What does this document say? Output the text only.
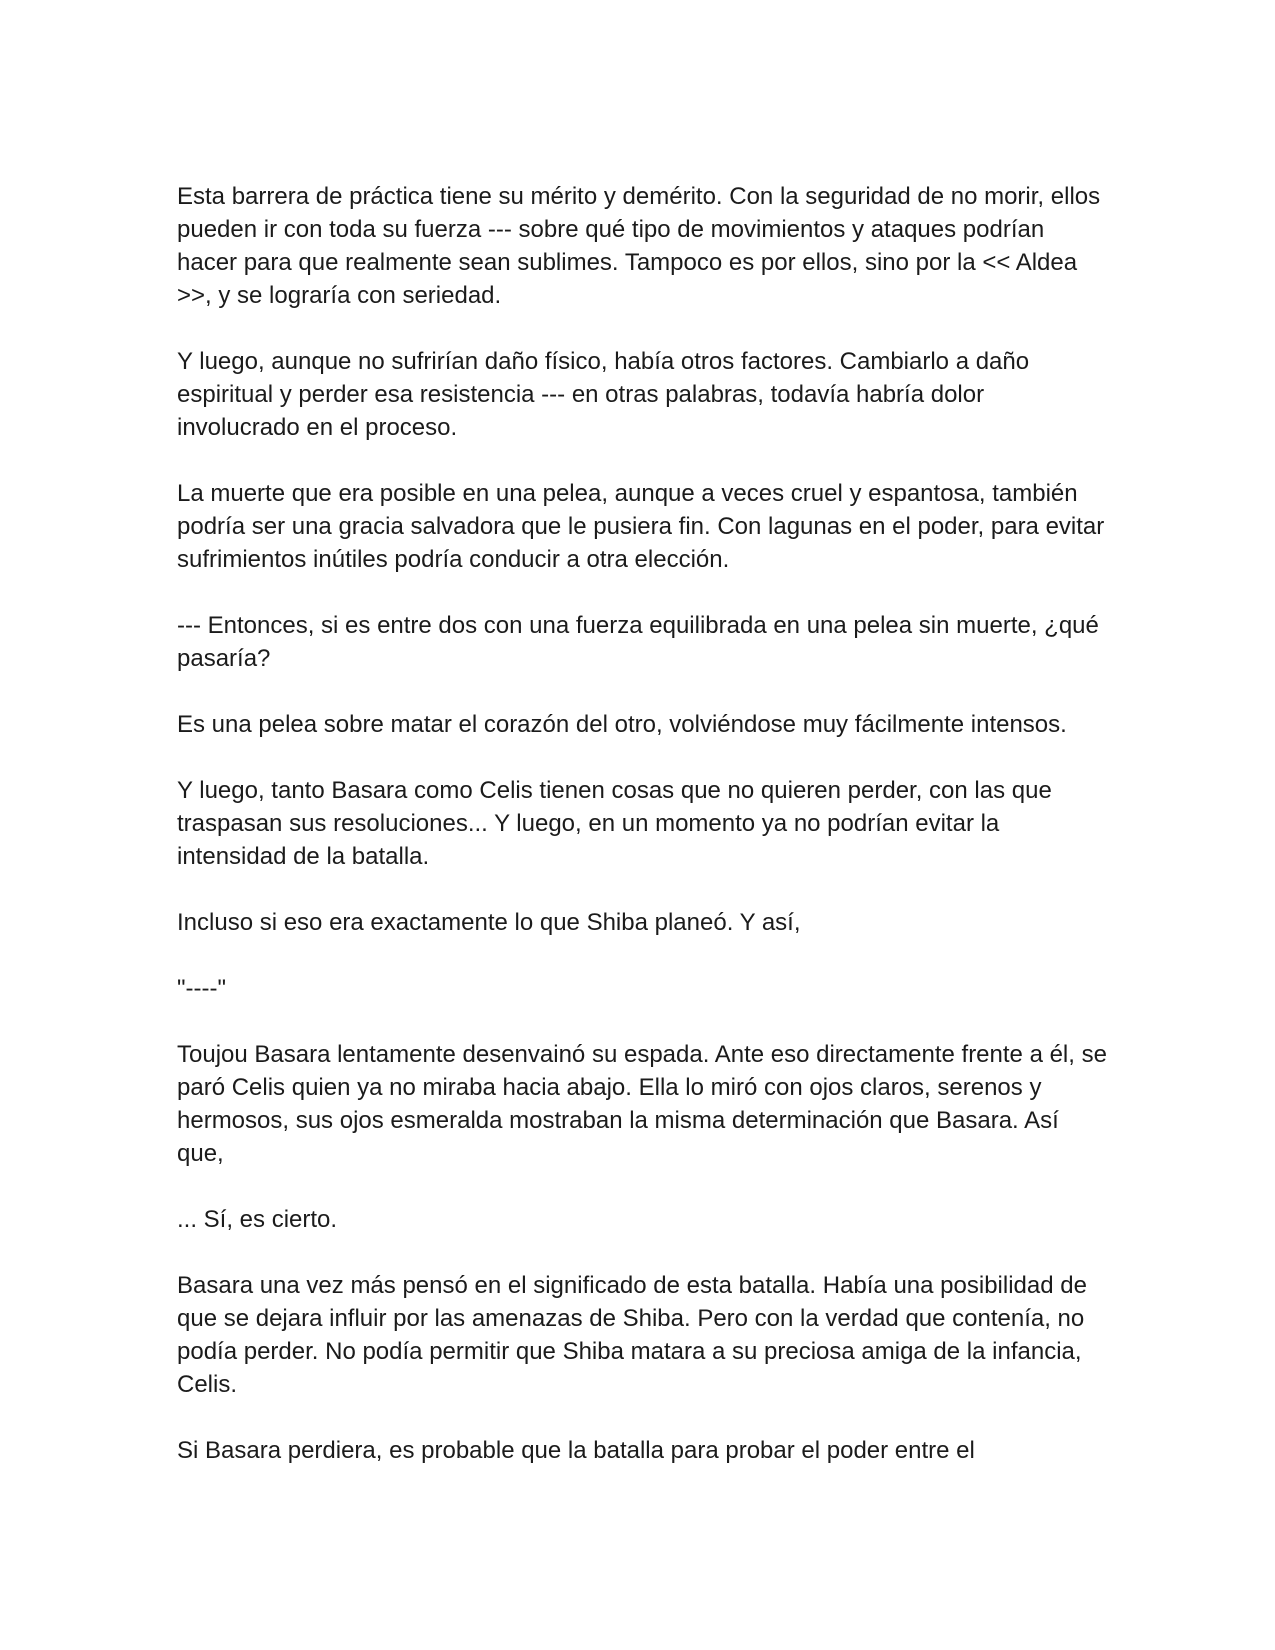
Esta barrera de práctica tiene su mérito y demérito. Con la seguridad de no morir, ellos pueden ir con toda su fuerza --- sobre qué tipo de movimientos y ataques podrían hacer para que realmente sean sublimes. Tampoco es por ellos, sino por la << Aldea >>, y se lograría con seriedad.

Y luego, aunque no sufrirían daño físico, había otros factores. Cambiarlo a daño espiritual y perder esa resistencia --- en otras palabras, todavía habría dolor involucrado en el proceso.

La muerte que era posible en una pelea, aunque a veces cruel y espantosa, también podría ser una gracia salvadora que le pusiera fin. Con lagunas en el poder, para evitar sufrimientos inútiles podría conducir a otra elección.

--- Entonces, si es entre dos con una fuerza equilibrada en una pelea sin muerte, ¿qué pasaría?

Es una pelea sobre matar el corazón del otro, volviéndose muy fácilmente intensos.

Y luego, tanto Basara como Celis tienen cosas que no quieren perder, con las que traspasan sus resoluciones... Y luego, en un momento ya no podrían evitar la intensidad de la batalla.

Incluso si eso era exactamente lo que Shiba planeó. Y así,

"----"

Toujou Basara lentamente desenvainó su espada. Ante eso directamente frente a él, se paró Celis quien ya no miraba hacia abajo. Ella lo miró con ojos claros, serenos y hermosos, sus ojos esmeralda mostraban la misma determinación que Basara. Así que,

... Sí, es cierto.

Basara una vez más pensó en el significado de esta batalla. Había una posibilidad de que se dejara influir por las amenazas de Shiba. Pero con la verdad que contenía, no podía perder. No podía permitir que Shiba matara a su preciosa amiga de la infancia, Celis.

Si Basara perdiera, es probable que la batalla para probar el poder entre el
